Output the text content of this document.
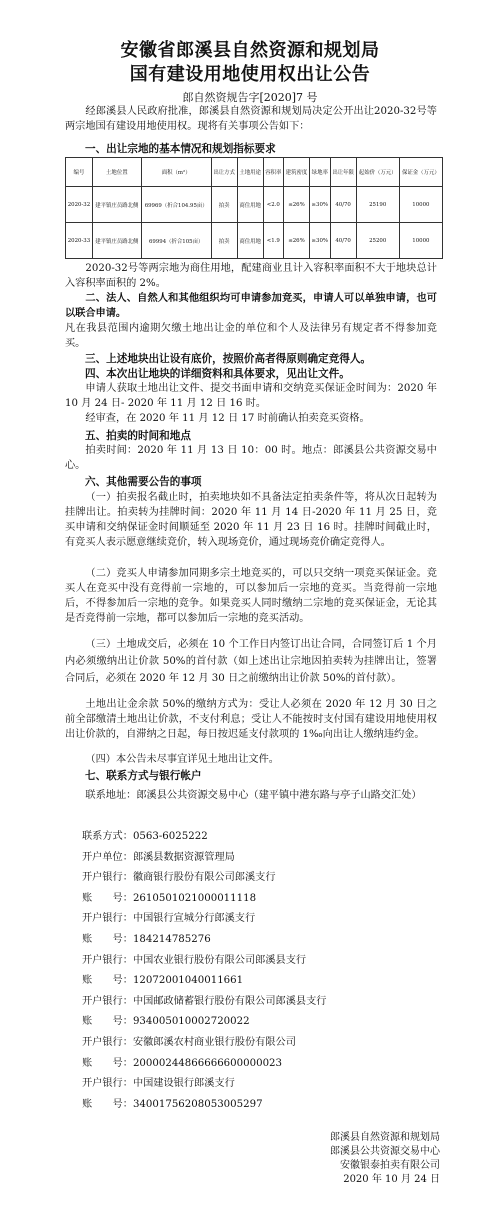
安徽省郎溪县自然资源和规划局
国有建设用地使用权出让公告
郎自然资规告字[2020]7 号
经郎溪县人民政府批准，郎溪县自然资源和规划局决定公开出让2020-32号等两宗地国有建设用地使用权。现将有关事项公告如下：
一、出让宗地的基本情况和规划指标要求
编号	土地位置	面积（m²）	出让方式	土地用途	容积率	建筑密度	绿地率	出让年限	起始价（万元）	保证金（万元）
2020-32	建平镇庄员路北侧	69969（折合104.95亩）	拍卖	商住用地	<2.0	≤26%	≥30%	40/70	25190	10000
2020-33	建平镇庄员路北侧	69994（折合105亩）	拍卖	商住用地	<1.9	≤26%	≥30%	40/70	25200	10000
2020-32号等两宗地为商住用地，配建商业且计入容积率面积不大于地块总计入容积率面积的 2%。
二、法人、自然人和其他组织均可申请参加竞买，申请人可以单独申请，也可以联合申请。
凡在我县范围内逾期欠缴土地出让金的单位和个人及法律另有规定者不得参加竞买。
三、上述地块出让设有底价，按照价高者得原则确定竞得人。
四、本次出让地块的详细资料和具体要求，见出让文件。
申请人获取土地出让文件、提交书面申请和交纳竞买保证金时间为：2020 年 10 月 24 日- 2020 年 11 月 12 日 16 时。
经审查，在 2020 年 11 月 12 日 17 时前确认拍卖竞买资格。
五、拍卖的时间和地点
拍卖时间：2020 年 11 月 13 日 10：00 时。地点：郎溪县公共资源交易中心。
六、其他需要公告的事项
（一）拍卖报名截止时，拍卖地块如不具备法定拍卖条件等，将从次日起转为挂牌出让。拍卖转为挂牌时间：2020 年 11 月 14 日-2020 年 11 月 25 日，竞买申请和交纳保证金时间顺延至 2020 年 11 月 23 日 16 时。挂牌时间截止时，有竞买人表示愿意继续竞价，转入现场竞价，通过现场竞价确定竞得人。
（二）竞买人申请参加同期多宗土地竞买的，可以只交纳一项竞买保证金。竞买人在竞买中没有竞得前一宗地的，可以参加后一宗地的竞买。当竞得前一宗地后，不得参加后一宗地的竞争。如果竞买人同时缴纳二宗地的竞买保证金，无论其是否竞得前一宗地，都可以参加后一宗地的竞买活动。
（三）土地成交后，必须在 10 个工作日内签订出让合同，合同签订后 1 个月内必须缴纳出让价款 50%的首付款（如上述出让宗地因拍卖转为挂牌出让，签署合同后，必须在 2020 年 12 月 30 日之前缴纳出让价款 50%的首付款）。
土地出让金余款 50%的缴纳方式为：受让人必须在 2020 年 12 月 30 日之前全部缴清土地出让价款，不支付利息；受让人不能按时支付国有建设用地使用权出让价款的，自滞纳之日起，每日按迟延支付款项的 1‰向出让人缴纳违约金。
（四）本公告未尽事宜详见土地出让文件。
七、联系方式与银行帐户
联系地址：郎溪县公共资源交易中心（建平镇中港东路与亭子山路交汇处）
联系方式：0563-6025222
开户单位：郎溪县数据资源管理局
开户银行：徽商银行股份有限公司郎溪支行
账　　号：2610501021000011118
开户银行：中国银行宣城分行郎溪支行
账　　号：184214785276
开户银行：中国农业银行股份有限公司郎溪县支行
账　　号：12072001040011661
开户银行：中国邮政储蓄银行股份有限公司郎溪县支行
账　　号：934005010002720022
开户银行：安徽郎溪农村商业银行股份有限公司
账　　号：20000244866666600000023
开户银行：中国建设银行郎溪支行
账　　号：34001756208053005297
郎溪县自然资源和规划局
郎溪县公共资源交易中心
安徽银泰拍卖有限公司
2020 年 10 月 24 日
